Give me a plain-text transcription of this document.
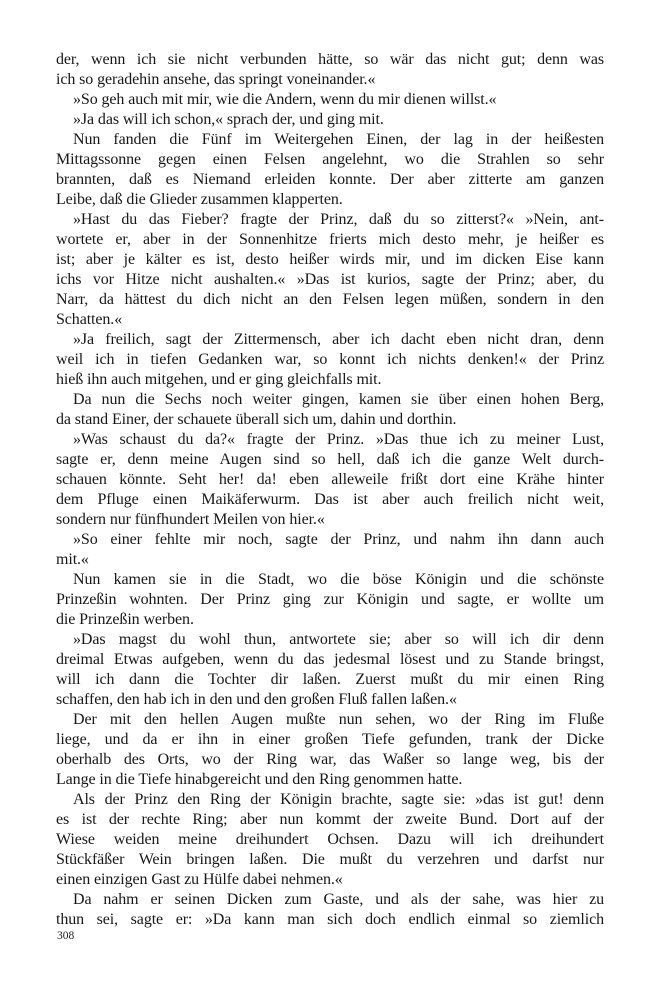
der, wenn ich sie nicht verbunden hätte, so wär das nicht gut; denn was
ich so geradehin ansehe, das springt voneinander.«
»So geh auch mit mir, wie die Andern, wenn du mir dienen willst.«
»Ja das will ich schon,« sprach der, und ging mit.
Nun fanden die Fünf im Weitergehen Einen, der lag in der heißesten
Mittagssonne gegen einen Felsen angelehnt, wo die Strahlen so sehr
brannten, daß es Niemand erleiden konnte. Der aber zitterte am ganzen
Leibe, daß die Glieder zusammen klapperten.
»Hast du das Fieber? fragte der Prinz, daß du so zitterst?« »Nein, ant-
wortete er, aber in der Sonnenhitze frierts mich desto mehr, je heißer es
ist; aber je kälter es ist, desto heißer wirds mir, und im dicken Eise kann
ichs vor Hitze nicht aushalten.« »Das ist kurios, sagte der Prinz; aber, du
Narr, da hättest du dich nicht an den Felsen legen müßen, sondern in den
Schatten.«
»Ja freilich, sagt der Zittermensch, aber ich dacht eben nicht dran, denn
weil ich in tiefen Gedanken war, so konnt ich nichts denken!« der Prinz
hieß ihn auch mitgehen, und er ging gleichfalls mit.
Da nun die Sechs noch weiter gingen, kamen sie über einen hohen Berg,
da stand Einer, der schauete überall sich um, dahin und dorthin.
»Was schaust du da?« fragte der Prinz. »Das thue ich zu meiner Lust,
sagte er, denn meine Augen sind so hell, daß ich die ganze Welt durch-
schauen könnte. Seht her! da! eben alleweile frißt dort eine Krähe hinter
dem Pfluge einen Maikäferwurm. Das ist aber auch freilich nicht weit,
sondern nur fünfhundert Meilen von hier.«
»So einer fehlte mir noch, sagte der Prinz, und nahm ihn dann auch
mit.«
Nun kamen sie in die Stadt, wo die böse Königin und die schönste
Prinzeßin wohnten. Der Prinz ging zur Königin und sagte, er wollte um
die Prinzeßin werben.
»Das magst du wohl thun, antwortete sie; aber so will ich dir denn
dreimal Etwas aufgeben, wenn du das jedesmal lösest und zu Stande bringst,
will ich dann die Tochter dir laßen. Zuerst mußt du mir einen Ring
schaffen, den hab ich in den und den großen Fluß fallen laßen.«
Der mit den hellen Augen mußte nun sehen, wo der Ring im Fluße
liege, und da er ihn in einer großen Tiefe gefunden, trank der Dicke
oberhalb des Orts, wo der Ring war, das Waßer so lange weg, bis der
Lange in die Tiefe hinabgereicht und den Ring genommen hatte.
Als der Prinz den Ring der Königin brachte, sagte sie: »das ist gut! denn
es ist der rechte Ring; aber nun kommt der zweite Bund. Dort auf der
Wiese weiden meine dreihundert Ochsen. Dazu will ich dreihundert
Stückfäßer Wein bringen laßen. Die mußt du verzehren und darfst nur
einen einzigen Gast zu Hülfe dabei nehmen.«
Da nahm er seinen Dicken zum Gaste, und als der sahe, was hier zu
thun sei, sagte er: »Da kann man sich doch endlich einmal so ziemlich
308
